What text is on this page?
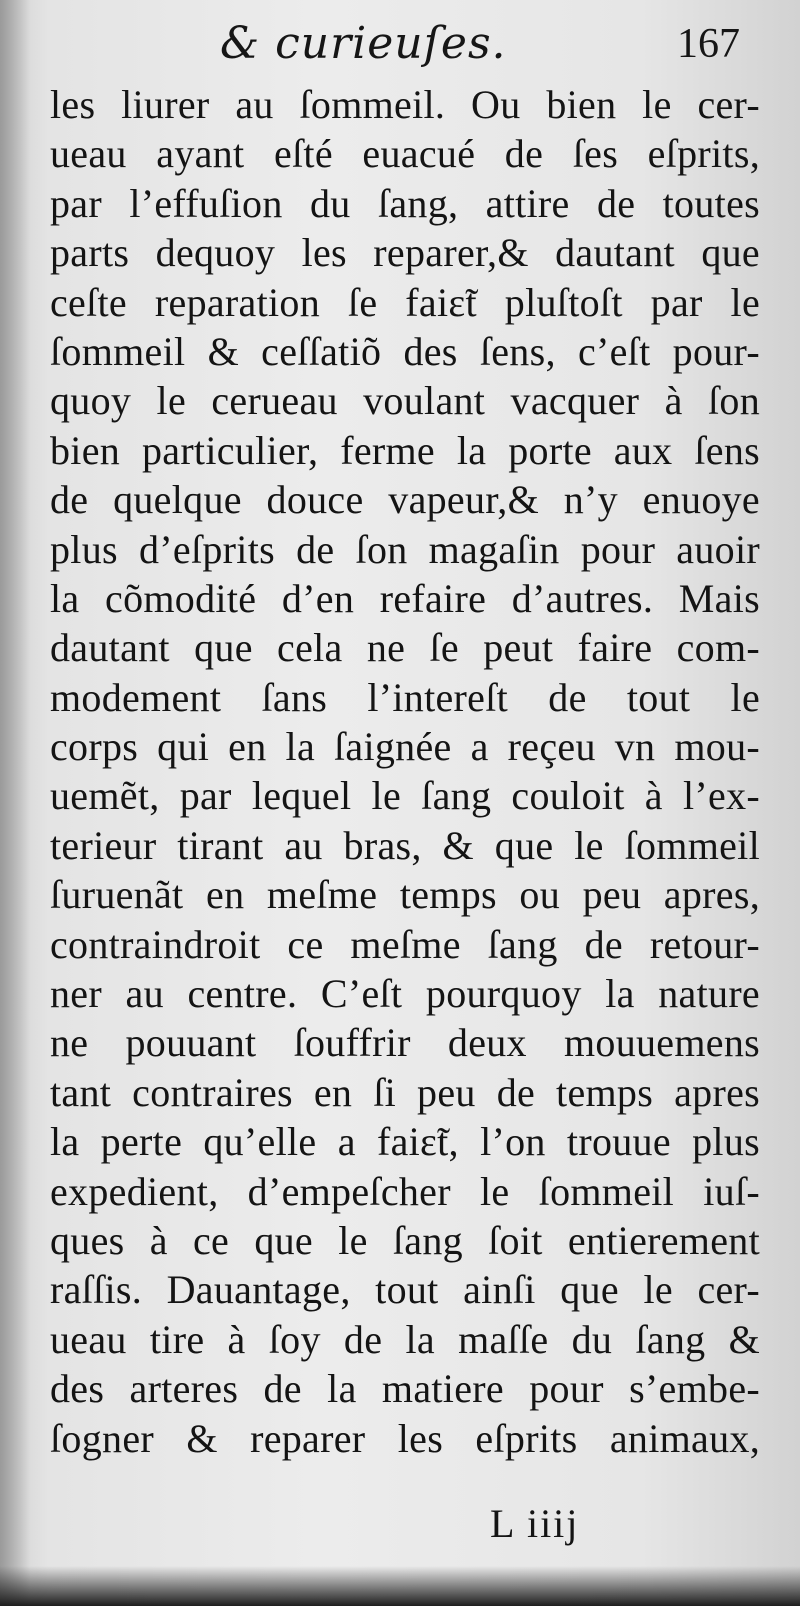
& curieuſes.	167
les liurer au ſommeil. Ou bien le cer-
ueau ayant eſté euacué de ſes eſprits,
par l’effuſion du ſang, attire de toutes
parts dequoy les reparer,& dautant que
ceſte reparation ſe faiɛ̃t pluſtoſt par le
ſommeil & ceſſatiõ des ſens, c’eſt pour-
quoy le cerueau voulant vacquer à ſon
bien particulier, ferme la porte aux ſens
de quelque douce vapeur,& n’y enuoye
plus d’eſprits de ſon magaſin pour auoir
la cõmodité d’en refaire d’autres. Mais
dautant que cela ne ſe peut faire com-
modement ſans l’intereſt de tout le
corps qui en la ſaignée a reçeu vn mou-
uemẽt, par lequel le ſang couloit à l’ex-
terieur tirant au bras, & que le ſommeil
ſuruenãt en meſme temps ou peu apres,
contraindroit ce meſme ſang de retour-
ner au centre. C’eſt pourquoy la nature
ne pouuant ſouffrir deux mouuemens
tant contraires en ſi peu de temps apres
la perte qu’elle a faiɛ̃t, l’on trouue plus
expedient, d’empeſcher le ſommeil iuſ-
ques à ce que le ſang ſoit entierement
raſſis. Dauantage, tout ainſi que le cer-
ueau tire à ſoy de la maſſe du ſang &
des arteres de la matiere pour s’embe-
ſogner & reparer les eſprits animaux,
L iiij
